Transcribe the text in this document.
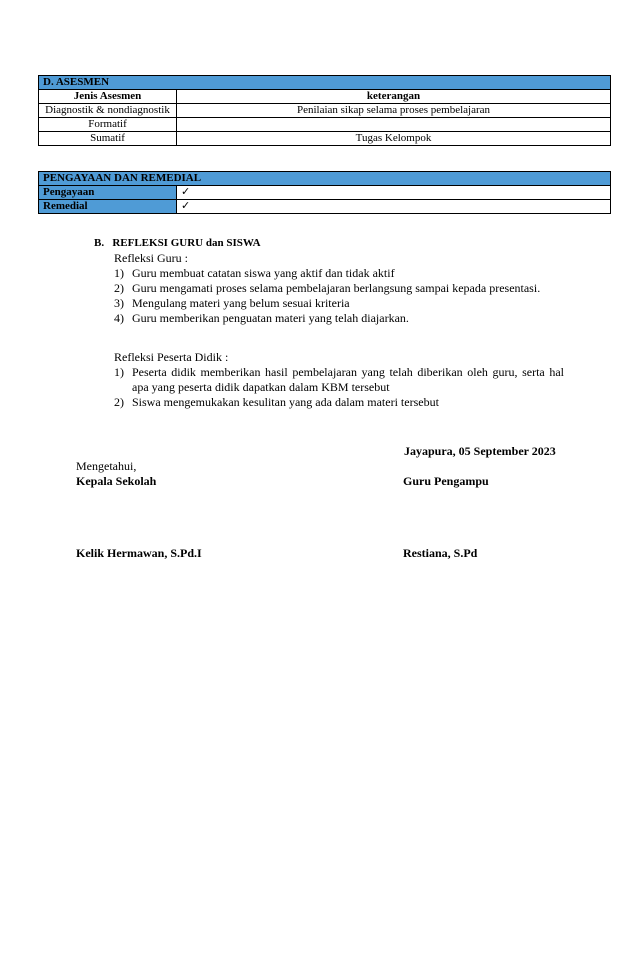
D. ASESMEN	
Jenis Asesmen	keterangan
Diagnostik & nondiagnostik	Penilaian sikap selama proses pembelajaran
Formatif	
Sumatif	Tugas Kelompok
PENGAYAAN DAN REMEDIAL	
Pengayaan	✓
Remedial	✓
B.   REFLEKSI GURU dan SISWA
Refleksi Guru :
1) Guru membuat catatan siswa yang aktif dan tidak aktif
2) Guru mengamati proses selama pembelajaran berlangsung sampai kepada presentasi.
3) Mengulang materi yang belum sesuai kriteria
4) Guru memberikan penguatan materi yang telah diajarkan.
Refleksi Peserta Didik :
1) Peserta didik memberikan hasil pembelajaran yang telah diberikan oleh guru, serta hal apa yang peserta didik dapatkan dalam KBM tersebut
2) Siswa mengemukakan kesulitan yang ada dalam materi tersebut
Jayapura, 05 September 2023
Mengetahui,
Kepala Sekolah	Guru Pengampu
Kelik Hermawan, S.Pd.I	Restiana, S.Pd
